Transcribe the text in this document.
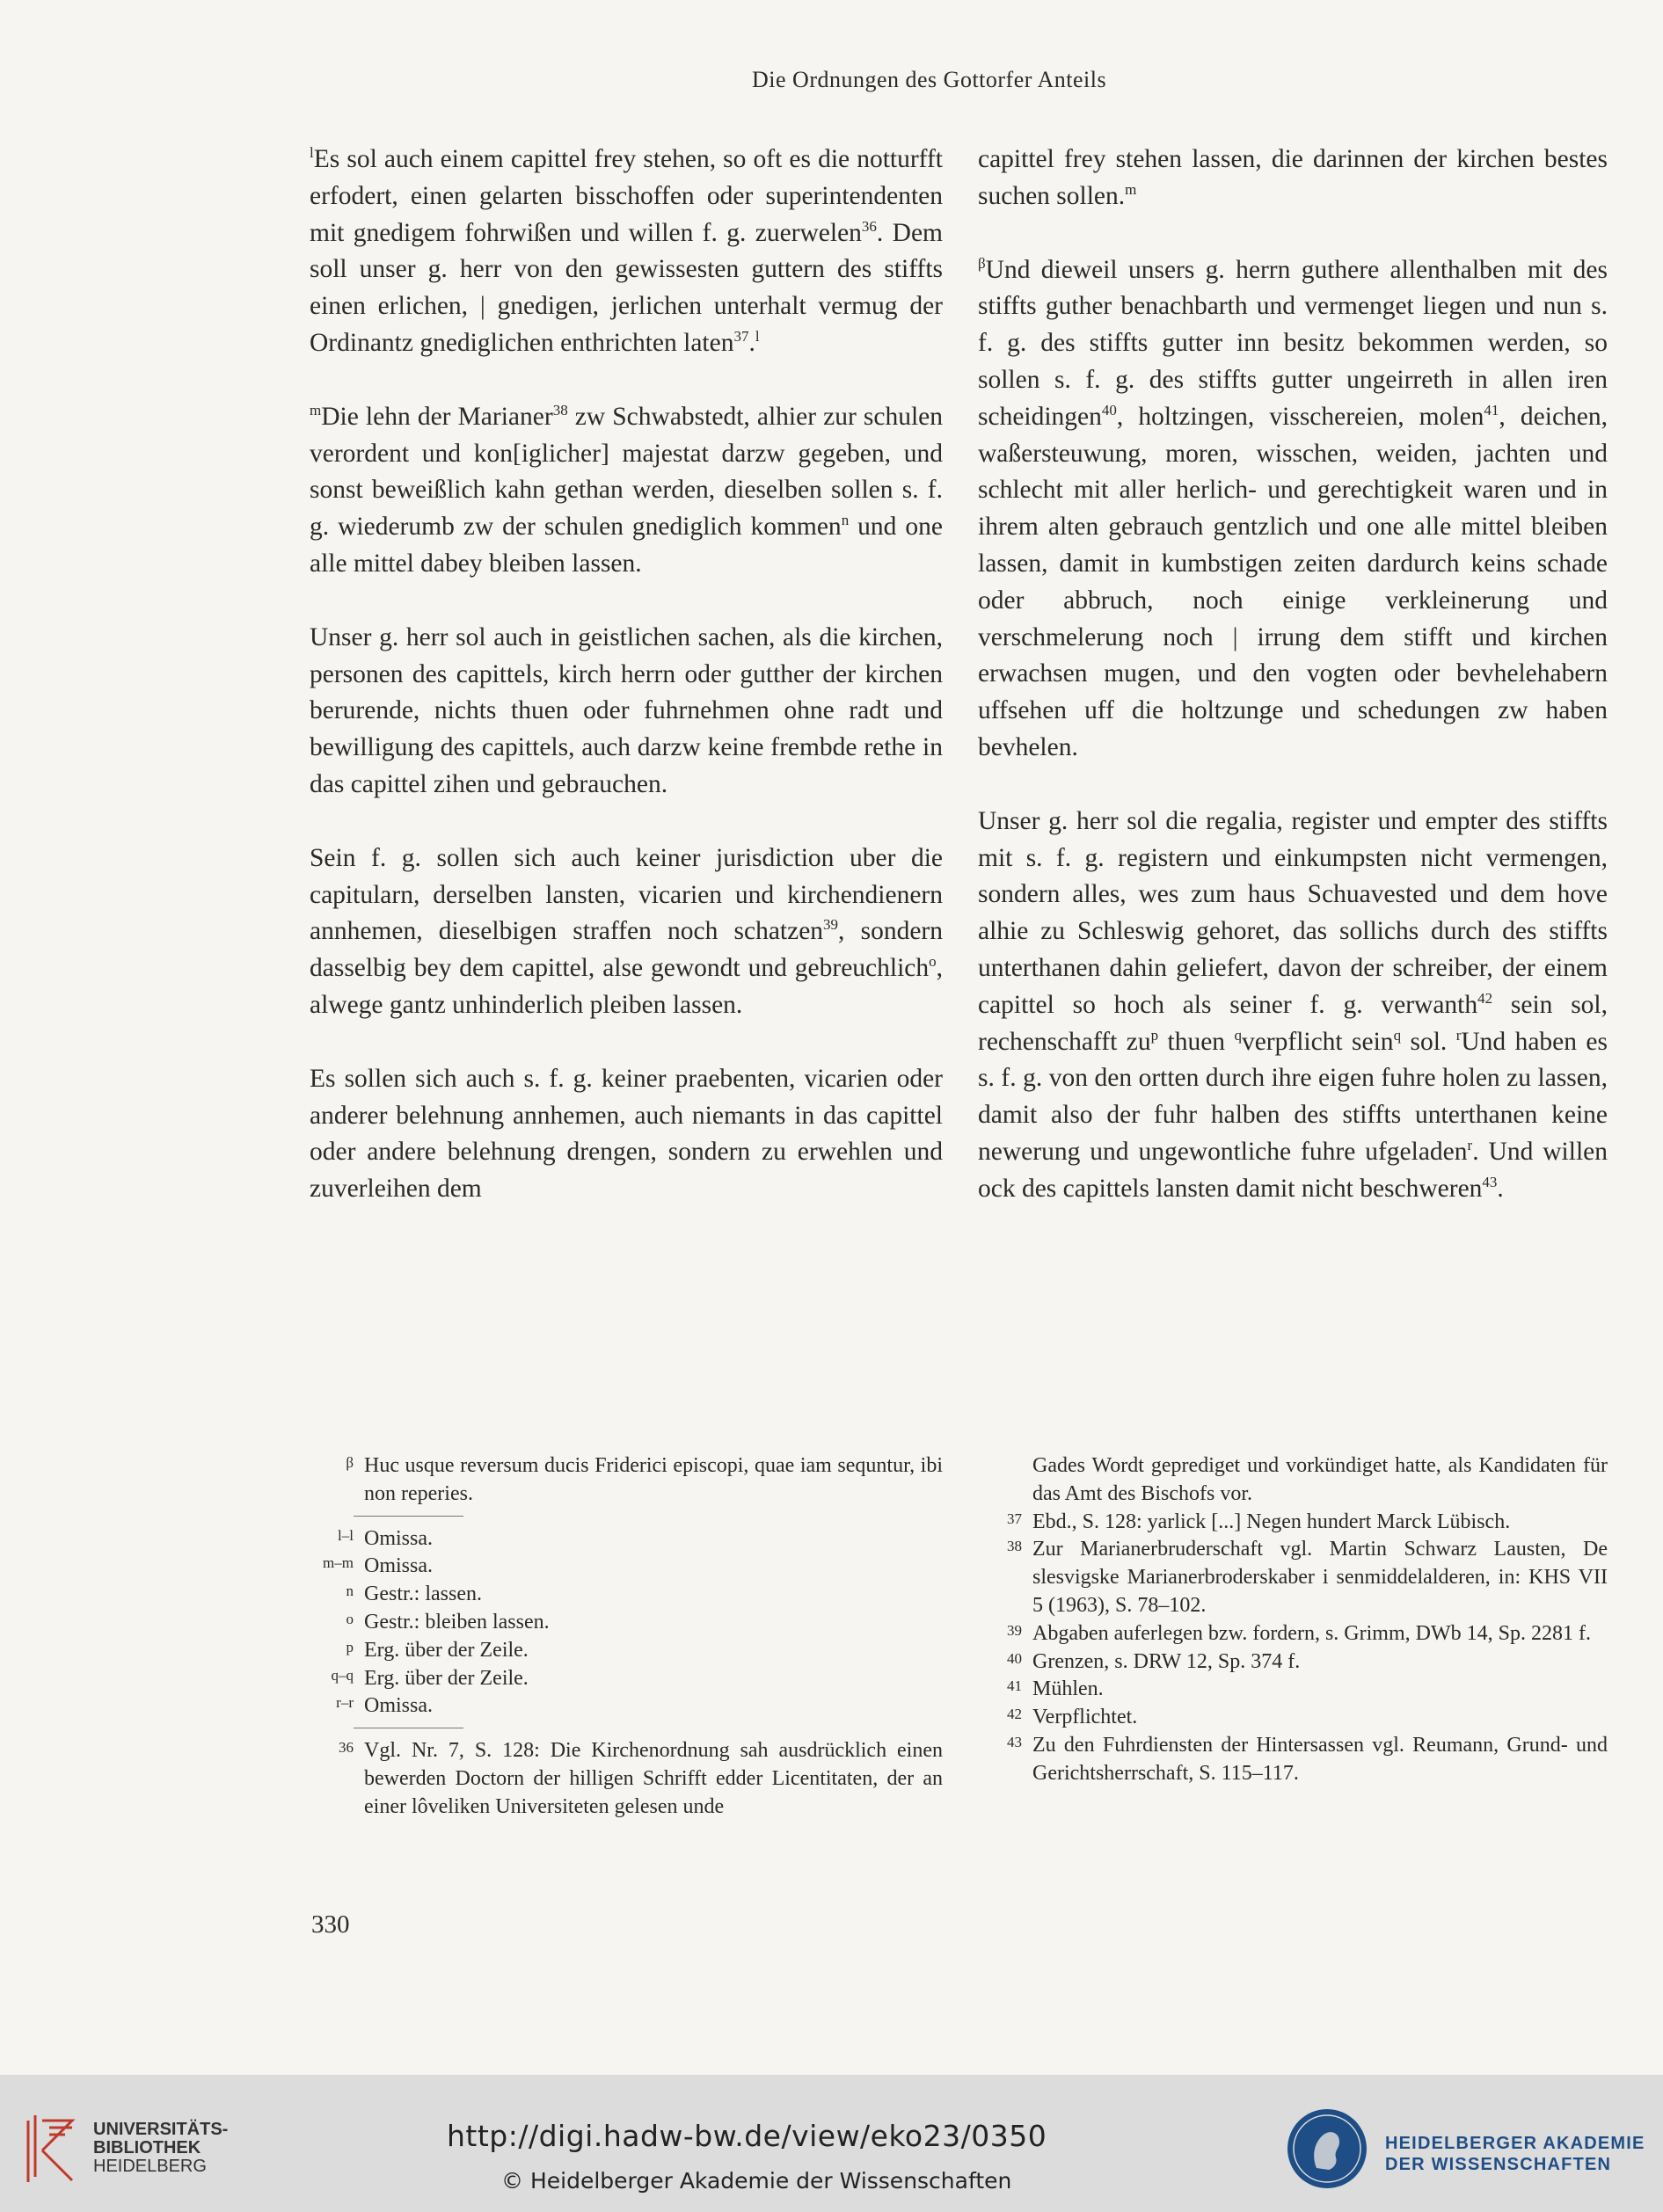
Die Ordnungen des Gottorfer Anteils

$^l$Es sol auch einem capittel frey stehen, so oft es die notturfft erfodert, einen gelarten bisschoffen oder superintendenten mit gnedigem fohrwißen und willen f. g. zuerwelen$^{36}$. Dem soll unser g. herr von den gewissesten guttern des stiffts einen erlichen, | gnedigen, jerlichen unterhalt vermug der Ordinantz gnediglichen enthrichten laten$^{37}$.$^l$

$^m$Die lehn der Marianer$^{38}$ zw Schwabstedt, alhier zur schulen verordent und kon[iglicher] majestat darzw gegeben, und sonst beweißlich kahn gethan werden, dieselben sollen s. f. g. wiederumb zw der schulen gnediglich kommen$^n$ und one alle mittel dabey bleiben lassen.

Unser g. herr sol auch in geistlichen sachen, als die kirchen, personen des capittels, kirch herrn oder gutther der kirchen berurende, nichts thuen oder fuhrnehmen ohne radt und bewilligung des capittels, auch darzw keine frembde rethe in das capittel zihen und gebrauchen.

Sein f. g. sollen sich auch keiner jurisdiction uber die capitularn, derselben lansten, vicarien und kirchendienern annhemen, dieselbigen straffen noch schatzen$^{39}$, sondern dasselbig bey dem capittel, alse gewondt und gebreuchlich$^o$, alwege gantz unhinderlich pleiben lassen.

Es sollen sich auch s. f. g. keiner praebenten, vicarien oder anderer belehnung annhemen, auch niemants in das capittel oder andere belehnung drengen, sondern zu erwehlen und zuverleihen dem

capittel frey stehen lassen, die darinnen der kirchen bestes suchen sollen.$^m$

$^\beta$Und dieweil unsers g. herrn guthere allenthalben mit des stiffts guther benachbarth und vermenget liegen und nun s. f. g. des stiffts gutter inn besitz bekommen werden, so sollen s. f. g. des stiffts gutter ungeirreth in allen iren scheidingen$^{40}$, holtzingen, visschereien, molen$^{41}$, deichen, waßersteuwung, moren, wisschen, weiden, jachten und schlecht mit aller herlich- und gerechtigkeit waren und in ihrem alten gebrauch gentzlich und one alle mittel bleiben lassen, damit in kumbstigen zeiten dardurch keins schade oder abbruch, noch einige verkleinerung und verschmelerung noch | irrung dem stifft und kirchen erwachsen mugen, und den vogten oder bevhelehabern uffsehen uff die holtzunge und schedungen zw haben bevhelen.

Unser g. herr sol die regalia, register und empter des stiffts mit s. f. g. registern und einkumpsten nicht vermengen, sondern alles, wes zum haus Schuavested und dem hove alhie zu Schleswig gehoret, das sollichs durch des stiffts unterthanen dahin geliefert, davon der schreiber, der einem capittel so hoch als seiner f. g. verwanth$^{42}$ sein sol, rechenschafft $zu^p$ thuen $^q$verpflicht sein$^q$ sol. $^r$Und haben es s. f. g. von den ortten durch ihre eigen fuhre holen zu lassen, damit also der fuhr halben des stiffts unterthanen keine newerung und ungewontliche fuhre ufgeladen$^r$. Und willen ock des capittels lansten damit nicht beschweren$^{43}$.

β Huc usque reversum ducis Friderici episcopi, quae iam sequntur, ibi non reperies.
l–l Omissa.
m–m Omissa.
n Gestr.: lassen.
o Gestr.: bleiben lassen.
p Erg. über der Zeile.
q–q Erg. über der Zeile.
r–r Omissa.
36 Vgl. Nr. 7, S. 128: Die Kirchenordnung sah ausdrücklich einen bewerden Doctorn der hilligen Schrifft edder Licentitaten, der an einer lôveliken Universiteten gelesen unde
Gades Wordt geprediget und vorkündiget hatte, als Kandidaten für das Amt des Bischofs vor.
37 Ebd., S. 128: yarlick [...] Negen hundert Marck Lübisch.
38 Zur Marianerbruderschaft vgl. Martin Schwarz Lausten, De slesvigske Marianerbroderskaber i senmiddelalderen, in: KHS VII 5 (1963), S. 78–102.
39 Abgaben auferlegen bzw. fordern, s. Grimm, DWb 14, Sp. 2281 f.
40 Grenzen, s. DRW 12, Sp. 374 f.
41 Mühlen.
42 Verpflichtet.
43 Zu den Fuhrdiensten der Hintersassen vgl. Reumann, Grund- und Gerichtsherrschaft, S. 115–117.
330
UNIVERSITÄTS-
BIBLIOTHEK
HEIDELBERG
http://digi.hadw-bw.de/view/eko23/0350
© Heidelberger Akademie der Wissenschaften
HEIDELBERGER AKADEMIE
DER WISSENSCHAFTEN
